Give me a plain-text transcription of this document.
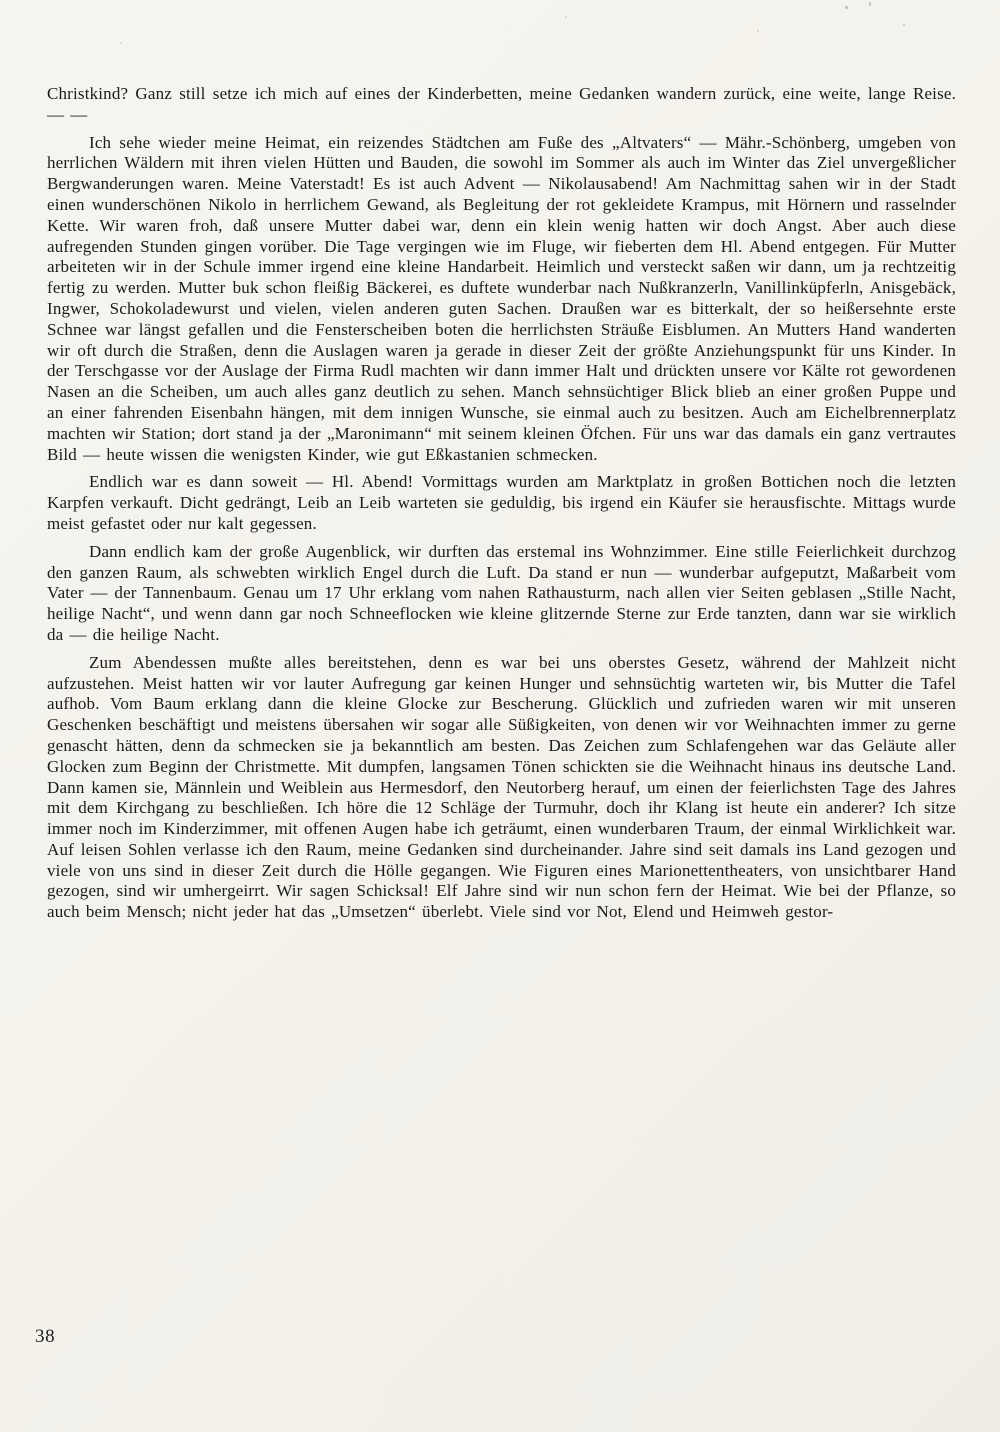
Christkind? Ganz still setze ich mich auf eines der Kinderbetten, meine Gedanken wandern zurück, eine weite, lange Reise. — —

Ich sehe wieder meine Heimat, ein reizendes Städtchen am Fuße des „Altvaters“ — Mähr.-Schönberg, umgeben von herrlichen Wäldern mit ihren vielen Hütten und Bauden, die sowohl im Sommer als auch im Winter das Ziel unvergeßlicher Bergwanderungen waren. Meine Vaterstadt! Es ist auch Advent — Nikolausabend! Am Nachmittag sahen wir in der Stadt einen wunderschönen Nikolo in herrlichem Gewand, als Begleitung der rot gekleidete Krampus, mit Hörnern und rasselnder Kette. Wir waren froh, daß unsere Mutter dabei war, denn ein klein wenig hatten wir doch Angst. Aber auch diese aufregenden Stunden gingen vorüber. Die Tage vergingen wie im Fluge, wir fieberten dem Hl. Abend entgegen. Für Mutter arbeiteten wir in der Schule immer irgend eine kleine Handarbeit. Heimlich und versteckt saßen wir dann, um ja rechtzeitig fertig zu werden. Mutter buk schon fleißig Bäckerei, es duftete wunderbar nach Nußkranzerln, Vanillinküpferln, Anisgebäck, Ingwer, Schokoladewurst und vielen, vielen anderen guten Sachen. Draußen war es bitterkalt, der so heißersehnte erste Schnee war längst gefallen und die Fensterscheiben boten die herrlichsten Sträuße Eisblumen. An Mutters Hand wanderten wir oft durch die Straßen, denn die Auslagen waren ja gerade in dieser Zeit der größte Anziehungspunkt für uns Kinder. In der Terschgasse vor der Auslage der Firma Rudl machten wir dann immer Halt und drückten unsere vor Kälte rot gewordenen Nasen an die Scheiben, um auch alles ganz deutlich zu sehen. Manch sehnsüchtiger Blick blieb an einer großen Puppe und an einer fahrenden Eisenbahn hängen, mit dem innigen Wunsche, sie einmal auch zu besitzen. Auch am Eichelbrennerplatz machten wir Station; dort stand ja der „Maronimann“ mit seinem kleinen Öfchen. Für uns war das damals ein ganz vertrautes Bild — heute wissen die wenigsten Kinder, wie gut Eßkastanien schmecken.

Endlich war es dann soweit — Hl. Abend! Vormittags wurden am Marktplatz in großen Bottichen noch die letzten Karpfen verkauft. Dicht gedrängt, Leib an Leib warteten sie geduldig, bis irgend ein Käufer sie herausfischte. Mittags wurde meist gefastet oder nur kalt gegessen.

Dann endlich kam der große Augenblick, wir durften das erstemal ins Wohnzimmer. Eine stille Feierlichkeit durchzog den ganzen Raum, als schwebten wirklich Engel durch die Luft. Da stand er nun — wunderbar aufgeputzt, Maßarbeit vom Vater — der Tannenbaum. Genau um 17 Uhr erklang vom nahen Rathausturm, nach allen vier Seiten geblasen „Stille Nacht, heilige Nacht“, und wenn dann gar noch Schneeflocken wie kleine glitzernde Sterne zur Erde tanzten, dann war sie wirklich da — die heilige Nacht.

Zum Abendessen mußte alles bereitstehen, denn es war bei uns oberstes Gesetz, während der Mahlzeit nicht aufzustehen. Meist hatten wir vor lauter Aufregung gar keinen Hunger und sehnsüchtig warteten wir, bis Mutter die Tafel aufhob. Vom Baum erklang dann die kleine Glocke zur Bescherung. Glücklich und zufrieden waren wir mit unseren Geschenken beschäftigt und meistens übersahen wir sogar alle Süßigkeiten, von denen wir vor Weihnachten immer zu gerne genascht hätten, denn da schmecken sie ja bekanntlich am besten. Das Zeichen zum Schlafengehen war das Geläute aller Glocken zum Beginn der Christmette. Mit dumpfen, langsamen Tönen schickten sie die Weihnacht hinaus ins deutsche Land. Dann kamen sie, Männlein und Weiblein aus Hermesdorf, den Neutorberg herauf, um einen der feierlichsten Tage des Jahres mit dem Kirchgang zu beschließen. Ich höre die 12 Schläge der Turmuhr, doch ihr Klang ist heute ein anderer? Ich sitze immer noch im Kinderzimmer, mit offenen Augen habe ich geträumt, einen wunderbaren Traum, der einmal Wirklichkeit war. Auf leisen Sohlen verlasse ich den Raum, meine Gedanken sind durcheinander. Jahre sind seit damals ins Land gezogen und viele von uns sind in dieser Zeit durch die Hölle gegangen. Wie Figuren eines Marionettentheaters, von unsichtbarer Hand gezogen, sind wir umhergeirrt. Wir sagen Schicksal! Elf Jahre sind wir nun schon fern der Heimat. Wie bei der Pflanze, so auch beim Mensch; nicht jeder hat das „Umsetzen“ überlebt. Viele sind vor Not, Elend und Heimweh gestor-

38
